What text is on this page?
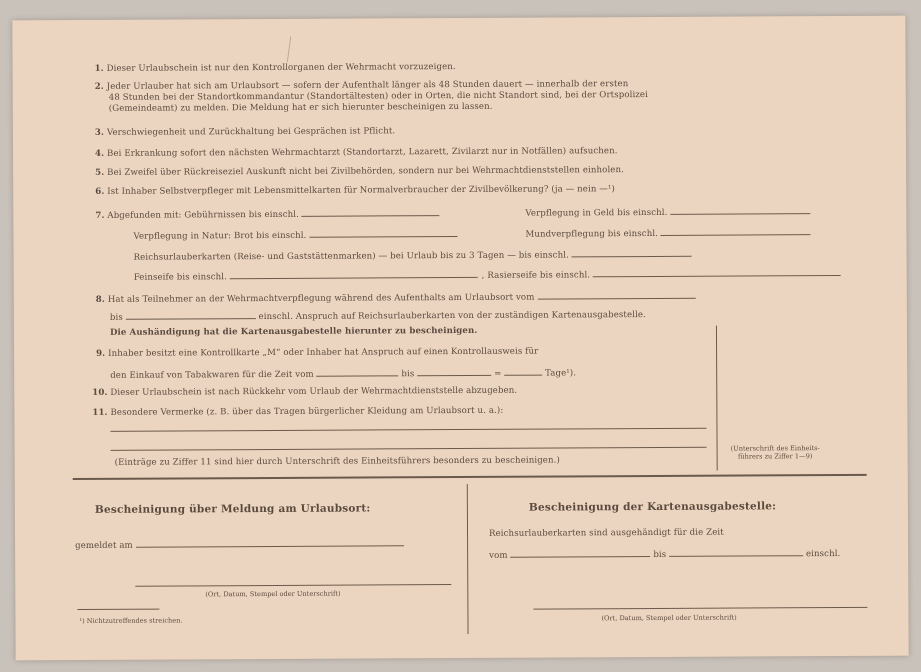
1. Dieser Urlaubschein ist nur den Kontrollorganen der Wehrmacht vorzuzeigen.
2. Jeder Urlauber hat sich am Urlaubsort — sofern der Aufenthalt länger als 48 Stunden dauert — innerhalb der ersten
48 Stunden bei der Standortkommandantur (Standortältesten) oder in Orten, die nicht Standort sind, bei der Ortspolizei
(Gemeindeamt) zu melden. Die Meldung hat er sich hierunter bescheinigen zu lassen.
3. Verschwiegenheit und Zurückhaltung bei Gesprächen ist Pflicht.
4. Bei Erkrankung sofort den nächsten Wehrmachtarzt (Standortarzt, Lazarett, Zivilarzt nur in Notfällen) aufsuchen.
5. Bei Zweifel über Rückreiseziel Auskunft nicht bei Zivilbehörden, sondern nur bei Wehrmachtdienststellen einholen.
6. Ist Inhaber Selbstverpfleger mit Lebensmittelkarten für Normalverbraucher der Zivilbevölkerung? (ja — nein —¹)
7. Abgefunden mit: Gebührnissen bis einschl.	Verpflegung in Geld bis einschl.
Verpflegung in Natur: Brot bis einschl.	Mundverpflegung bis einschl.
Reichsurlauberkarten (Reise- und Gaststättenmarken) — bei Urlaub bis zu 3 Tagen — bis einschl.
Feinseife bis einschl.	, Rasierseife bis einschl.
8. Hat als Teilnehmer an der Wehrmachtverpflegung während des Aufenthalts am Urlaubsort vom
bis	einschl. Anspruch auf Reichsurlauberkarten von der zuständigen Kartenausgabestelle.
Die Aushändigung hat die Kartenausgabestelle hierunter zu bescheinigen.
9. Inhaber besitzt eine Kontrollkarte „M“ oder Inhaber hat Anspruch auf einen Kontrollausweis für
den Einkauf von Tabakwaren für die Zeit vom	bis	=	Tage¹).
10. Dieser Urlaubschein ist nach Rückkehr vom Urlaub der Wehrmachtdienststelle abzugeben.
11. Besondere Vermerke (z. B. über das Tragen bürgerlicher Kleidung am Urlaubsort u. a.):
(Einträge zu Ziffer 11 sind hier durch Unterschrift des Einheitsführers besonders zu bescheinigen.)
(Unterschrift des Einheits-
führers zu Ziffer 1—9)
Bescheinigung über Meldung am Urlaubsort:
gemeldet am
(Ort, Datum, Stempel oder Unterschrift)
¹) Nichtzutreffendes streichen.
Bescheinigung der Kartenausgabestelle:
Reichsurlauberkarten sind ausgehändigt für die Zeit
vom	bis	einschl.
(Ort, Datum, Stempel oder Unterschrift)
